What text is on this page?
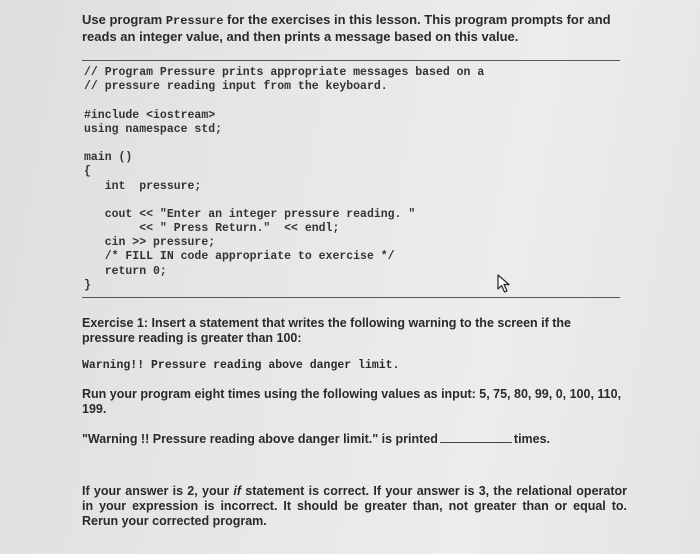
Use program Pressure for the exercises in this lesson. This program prompts for and reads an integer value, and then prints a message based on this value.
// Program Pressure prints appropriate messages based on a
// pressure reading input from the keyboard.
#include <iostream>
using namespace std;
main ()
{
int  pressure;
cout << "Enter an integer pressure reading. "
<< " Press Return."  << endl;
cin >> pressure;
/* FILL IN code appropriate to exercise */
return 0;
}
Exercise 1: Insert a statement that writes the following warning to the screen if the pressure reading is greater than 100:
Warning!! Pressure reading above danger limit.
Run your program eight times using the following values as input: 5, 75, 80, 99, 0, 100, 110, 199.
"Warning !! Pressure reading above danger limit." is printed	times.
If your answer is 2, your if statement is correct. If your answer is 3, the relational operator in your expression is incorrect. It should be greater than, not greater than or equal to. Rerun your corrected program.
